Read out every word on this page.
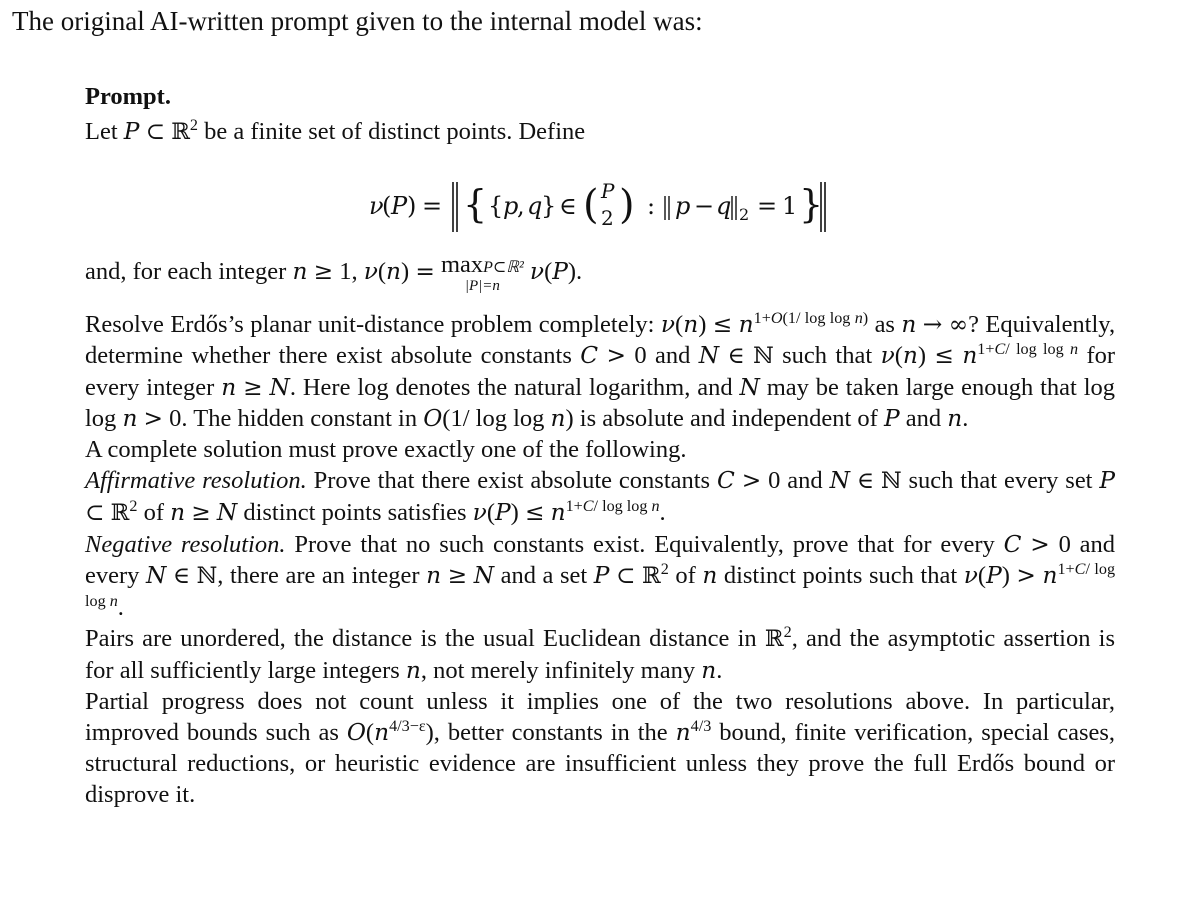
The original AI-written prompt given to the internal model was:

Prompt.

Let P ⊂ ℝ$^2$ be a finite set of distinct points. Define

ν
( P ) = { { p
, q
} ∈ ( P
2 ) : p − q 2 = 1 }

and, for each integer n ≥ 1, ν(n) = maxP⊂ℝ²
|P|=n
ν(P).

Resolve Erdős’s planar unit-distance problem completely: $\nu(n) \le n^{1+O(1/ log log n)}$ as n → ∞? Equivalently, determine whether there exist absolute constants C > 0 and N ∈ ℕ such that $\nu(n) \le n^{1+C/ log log n}$ for every integer n ≥ N. Here log denotes the natural logarithm, and N may be taken large enough that log log n > 0. The hidden constant in O(1/ log log n) is absolute and independent of P and n.

A complete solution must prove exactly one of the following.

Affirmative resolution. Prove that there exist absolute constants C > 0 and N ∈ ℕ such that every set P ⊂ ℝ$^2$ of n ≥ N distinct points satisfies $\nu(P) \le n^{1+C/ log log n}$.

Negative resolution. Prove that no such constants exist. Equivalently, prove that for every C > 0 and every N ∈ ℕ, there are an integer n ≥ N and a set P ⊂ ℝ$^2$ of n distinct points such that $\nu(P) > n^{1+C/ log log n}$.

Pairs are unordered, the distance is the usual Euclidean distance in ℝ$^2$, and the asymptotic assertion is for all sufficiently large integers n, not merely infinitely many n.

Partial progress does not count unless it implies one of the two resolutions above. In particular, improved bounds such as $O(n^{4/3-\varepsilon})$, better constants in the $n^{4/3}$ bound, finite verification, special cases, structural reductions, or heuristic evidence are insufficient unless they prove the full Erdős bound or disprove it.
